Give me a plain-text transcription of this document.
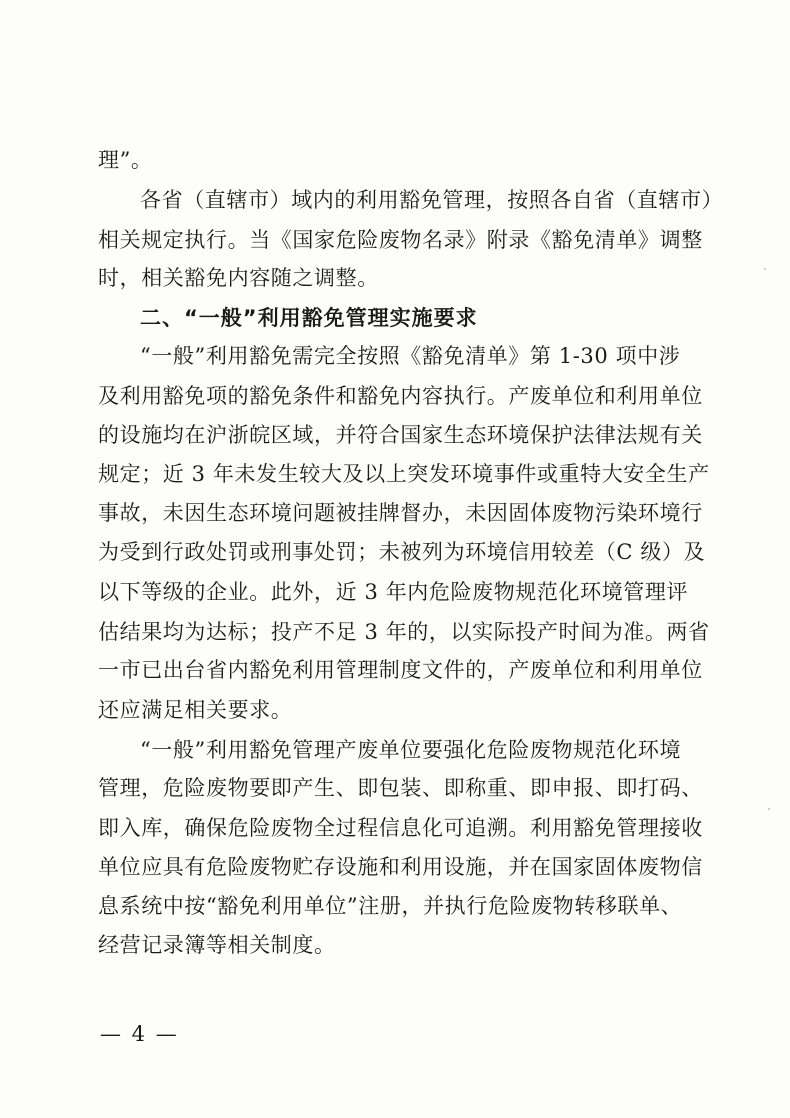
理”。
各省（直辖市）域内的利用豁免管理，按照各自省（直辖市）
相关规定执行。当《国家危险废物名录》附录《豁免清单》调整
时，相关豁免内容随之调整。
二、“一般”利用豁免管理实施要求
“一般”利用豁免需完全按照《豁免清单》第 1-30 项中涉
及利用豁免项的豁免条件和豁免内容执行。产废单位和利用单位
的设施均在沪浙皖区域，并符合国家生态环境保护法律法规有关
规定；近 3 年未发生较大及以上突发环境事件或重特大安全生产
事故，未因生态环境问题被挂牌督办，未因固体废物污染环境行
为受到行政处罚或刑事处罚；未被列为环境信用较差（C 级）及
以下等级的企业。此外，近 3 年内危险废物规范化环境管理评
估结果均为达标；投产不足 3 年的，以实际投产时间为准。两省
一市已出台省内豁免利用管理制度文件的，产废单位和利用单位
还应满足相关要求。
“一般”利用豁免管理产废单位要强化危险废物规范化环境
管理，危险废物要即产生、即包装、即称重、即申报、即打码、
即入库，确保危险废物全过程信息化可追溯。利用豁免管理接收
单位应具有危险废物贮存设施和利用设施，并在国家固体废物信
息系统中按“豁免利用单位”注册，并执行危险废物转移联单、
经营记录簿等相关制度。
— 4 —
